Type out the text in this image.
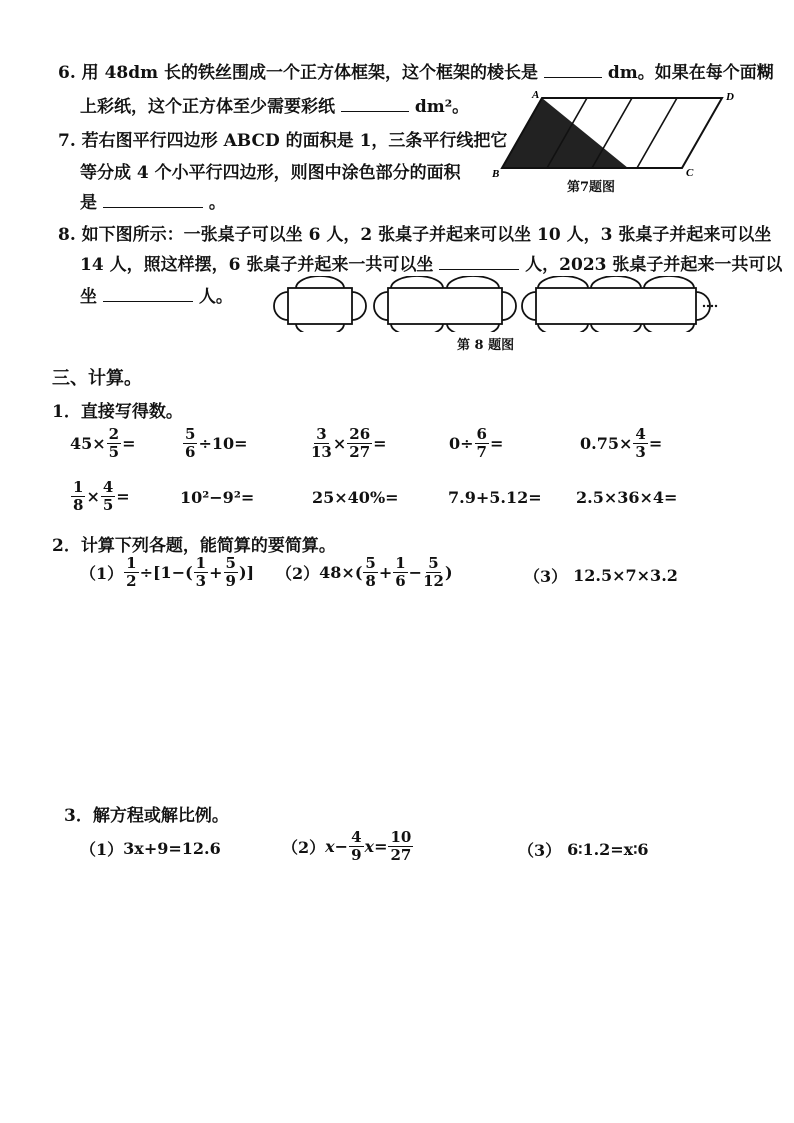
6. 用 48dm 长的铁丝围成一个正方体框架，这个框架的棱长是	dm。如果在每个面糊
上彩纸，这个正方体至少需要彩纸	dm²。
7. 若右图平行四边形 ABCD 的面积是 1，三条平行线把它
等分成 4 个小平行四边形，则图中涂色部分的面积
是	。
A	D
B	C
第7题图
8. 如下图所示：一张桌子可以坐 6 人，2 张桌子并起来可以坐 10 人，3 张桌子并起来可以坐
14 人，照这样摆，6 张桌子并起来一共可以坐	人，2023 张桌子并起来一共可以
坐	人。
第 8 题图
三、计算。
1．直接写得数。
$45\times \frac{2}{5}$ =	$\frac{5}{6} \div 10=$	$\frac{3}{13} \times \frac{26}{27}$ =	$0\div \frac{6}{7}$ =	$0.75\times \frac{4}{3}$ =
$\frac{1}{8} \times \frac{4}{5}$ =	10²−9²=	25×40%=	7.9+5.12= 2.5×36×4=
2．计算下列各题，能简算的要简算。
$(1) \frac{1}{2} \div[1-( \frac{1}{3} + \frac{5}{9}$ )] （2） $48\times( \frac{5}{8} + \frac{1}{6} - \frac{5}{12}$ )	（3） 12.5×7×3.2
3．解方程或解比例。
（1） 3x+9=12.6	（2） $x- \frac{4}{9} x= \frac{10}{27}$	（3） 6∶1.2=x∶6
